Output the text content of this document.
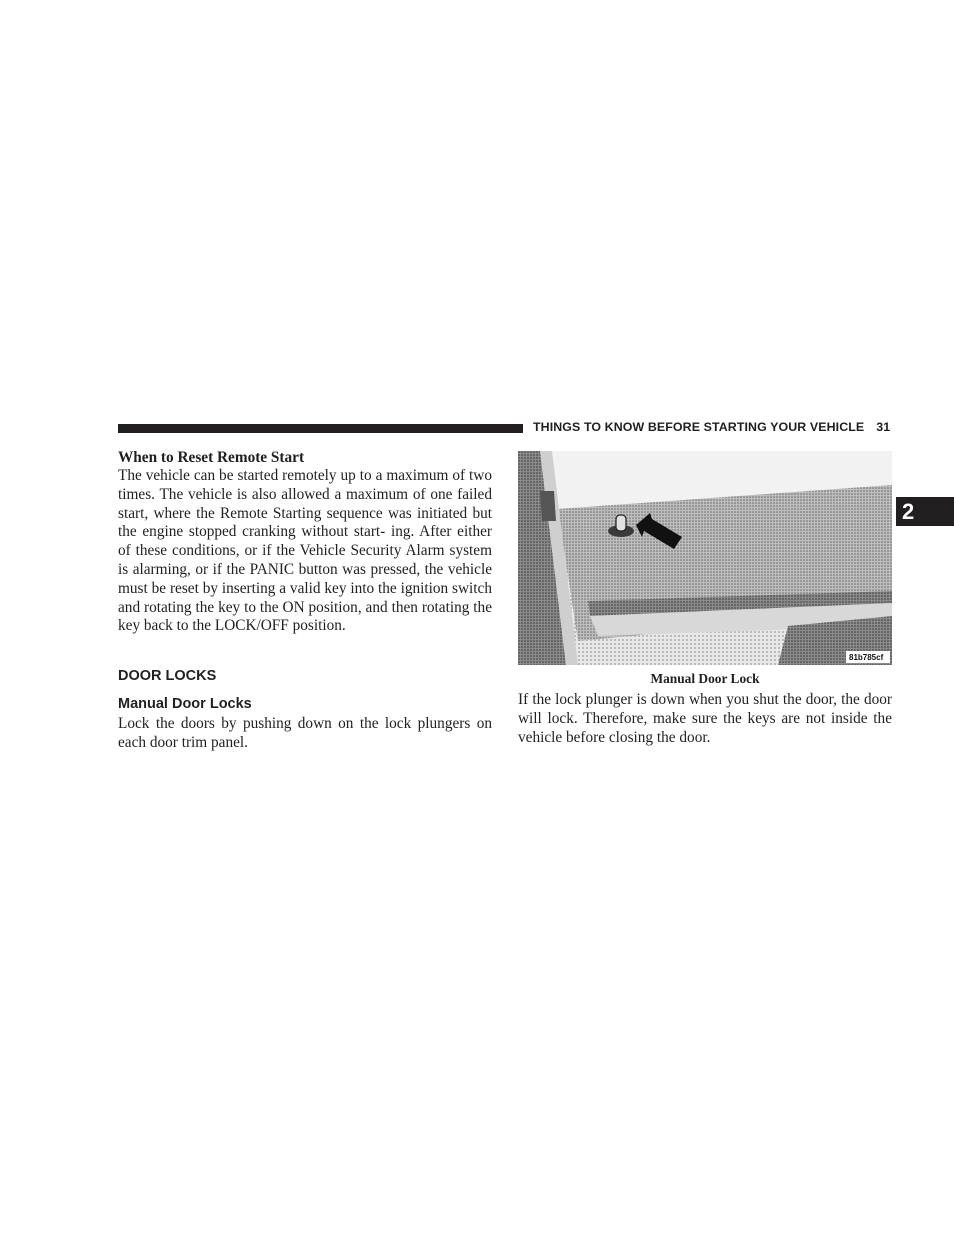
THINGS TO KNOW BEFORE STARTING YOUR VEHICLE 31
2

When to Reset Remote Start

The vehicle can be started remotely up to a maximum of two times. The vehicle is also allowed a maximum of one failed start, where the Remote Starting sequence was initiated but the engine stopped cranking without start- ing. After either of these conditions, or if the Vehicle Security Alarm system is alarming, or if the PANIC button was pressed, the vehicle must be reset by inserting a valid key into the ignition switch and rotating the key to the ON position, and then rotating the key back to the LOCK/OFF position.

DOOR LOCKS

Manual Door Locks

Lock the doors by pushing down on the lock plungers on each door trim panel.

81b785cf
Manual Door Lock

If the lock plunger is down when you shut the door, the door will lock. Therefore, make sure the keys are not inside the vehicle before closing the door.
